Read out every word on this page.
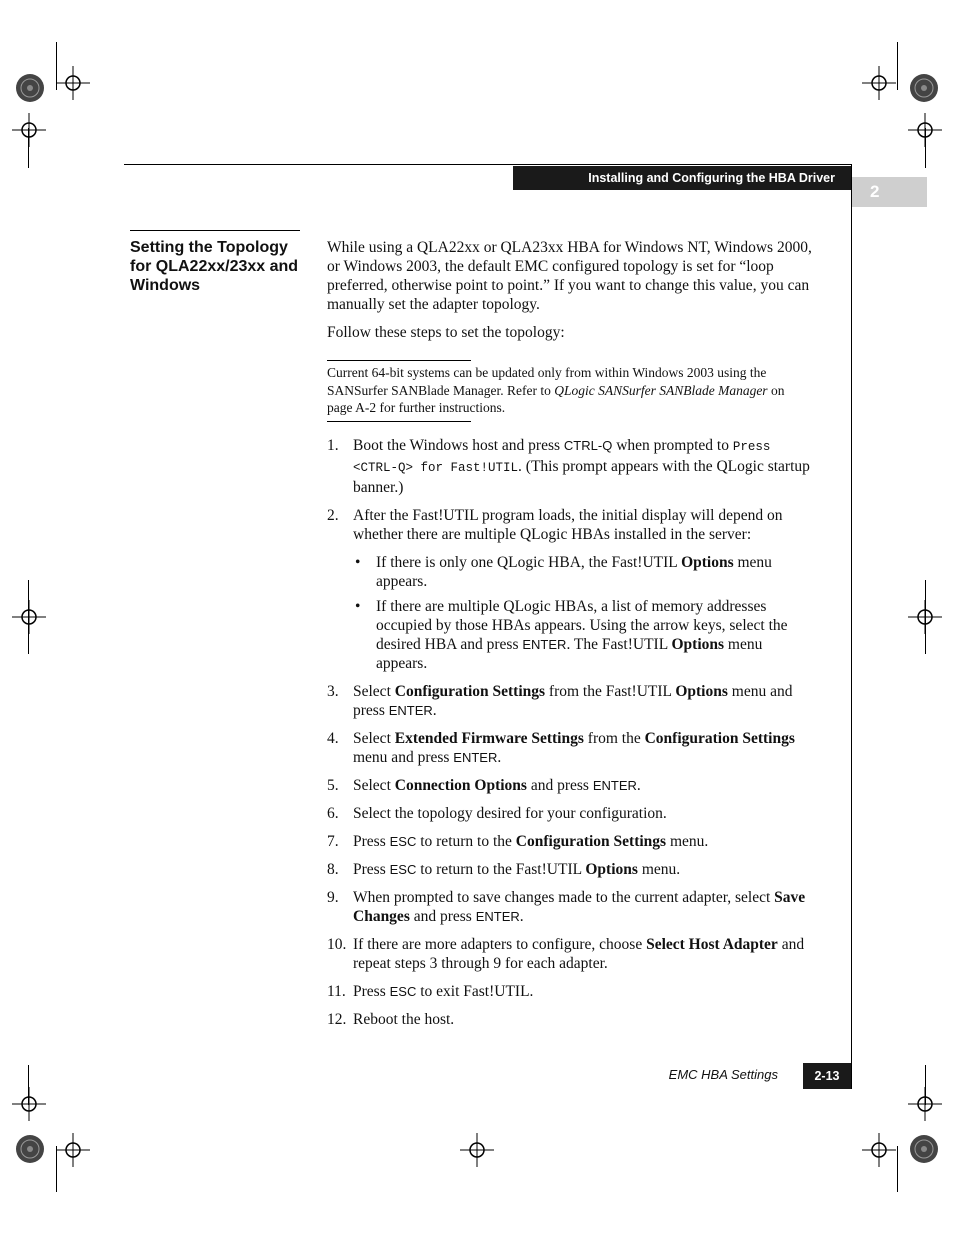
Installing and Configuring the HBA Driver
2
Setting the Topology for QLA22xx/23xx and Windows

While using a QLA22xx or QLA23xx HBA for Windows NT, Windows 2000, or Windows 2003, the default EMC configured topology is set for “loop preferred, otherwise point to point.” If you want to change this value, you can manually set the adapter topology.

Follow these steps to set the topology:

Current 64-bit systems can be updated only from within Windows 2003 using the SANSurfer SANBlade Manager. Refer to QLogic SANSurfer SANBlade Manager on page A-2 for further instructions.

1. Boot the Windows host and press CTRL-Q when prompted to Press <CTRL-Q> for Fast!UTIL. (This prompt appears with the QLogic startup banner.)
2. After the Fast!UTIL program loads, the initial display will depend on whether there are multiple QLogic HBAs installed in the server:
• If there is only one QLogic HBA, the Fast!UTIL Options menu appears.
• If there are multiple QLogic HBAs, a list of memory addresses occupied by those HBAs appears. Using the arrow keys, select the desired HBA and press ENTER. The Fast!UTIL Options menu appears.
3. Select Configuration Settings from the Fast!UTIL Options menu and press ENTER.
4. Select Extended Firmware Settings from the Configuration Settings menu and press ENTER.
5. Select Connection Options and press ENTER.
6. Select the topology desired for your configuration.
7. Press ESC to return to the Configuration Settings menu.
8. Press ESC to return to the Fast!UTIL Options menu.
9. When prompted to save changes made to the current adapter, select Save Changes and press ENTER.
10. If there are more adapters to configure, choose Select Host Adapter and repeat steps 3 through 9 for each adapter.
11. Press ESC to exit Fast!UTIL.
12. Reboot the host.
EMC HBA Settings	2-13
